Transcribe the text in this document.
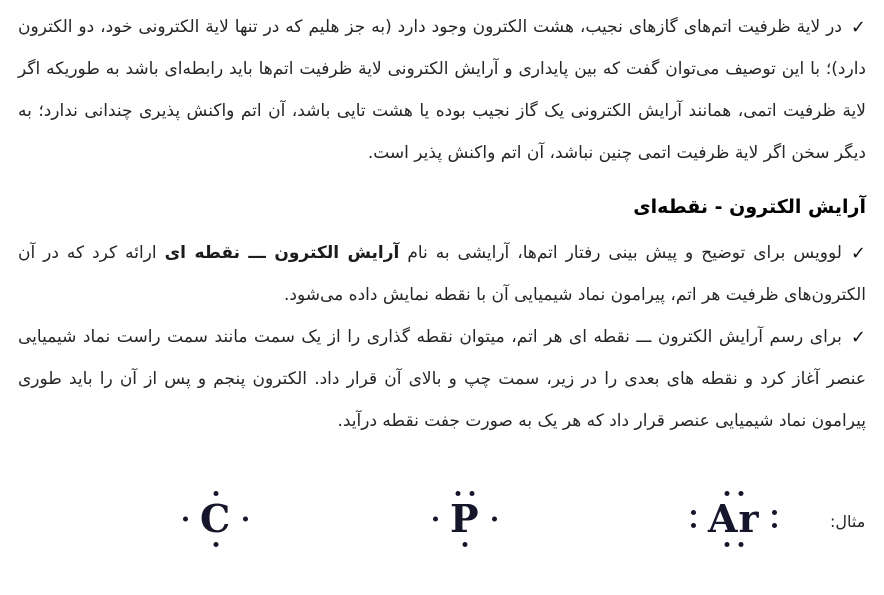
✓در لایة ظرفیت اتم‌های گازهای نجیب، هشت الکترون وجود دارد (به جز هلیم که در تنها لایة الکترونی خود، دو الکترون دارد)؛ با این توصیف می‌توان گفت که بین پایداری و آرایش الکترونی لایة ظرفیت اتم‌ها باید رابطه‌ای باشد به طوریکه اگر لایة ظرفیت اتمی، همانند آرایش الکترونی یک گاز نجیب بوده یا هشت تایی باشد، آن اتم واکنش پذیری چندانی ندارد؛ به دیگر سخن اگر لایة ظرفیت اتمی چنین نباشد، آن اتم واکنش پذیر است.

آرایش الکترون - نقطه‌ای

✓لوویس برای توضیح و پیش بینی رفتار اتم‌ها، آرایشی به نام آرایش الکترون ـــ نقطه ای ارائه کرد که در آن الکترون‌های ظرفیت هر اتم، پیرامون نماد شیمیایی آن با نقطه نمایش داده می‌شود.

✓برای رسم آرایش الکترون ـــ نقطه ای هر اتم، میتوان نقطه گذاری را از یک سمت مانند سمت راست نماد شیمیایی عنصر آغاز کرد و نقطه های بعدی را در زیر، سمت چپ و بالای آن قرار داد. الکترون پنجم و پس از آن را باید طوری پیرامون نماد شیمیایی عنصر قرار داد که هر یک به صورت جفت نقطه درآید.

مثال:
C	P	Ar
